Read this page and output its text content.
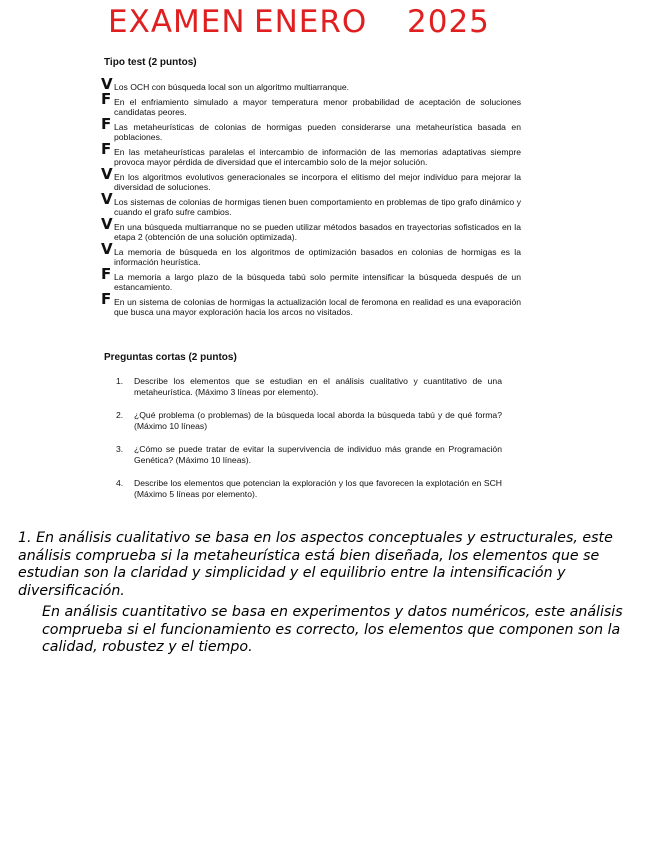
EXAMEN ENERO 2025
Tipo test (2 puntos)
V Los OCH con búsqueda local son un algoritmo multiarranque.
F En el enfriamiento simulado a mayor temperatura menor probabilidad de aceptación de soluciones candidatas peores.
F Las metaheurísticas de colonias de hormigas pueden considerarse una metaheurística basada en poblaciones.
F En las metaheurísticas paralelas el intercambio de información de las memorias adaptativas siempre provoca mayor pérdida de diversidad que el intercambio solo de la mejor solución.
V En los algoritmos evolutivos generacionales se incorpora el elitismo del mejor individuo para mejorar la diversidad de soluciones.
V Los sistemas de colonias de hormigas tienen buen comportamiento en problemas de tipo grafo dinámico y cuando el grafo sufre cambios.
V En una búsqueda multiarranque no se pueden utilizar métodos basados en trayectorias sofisticados en la etapa 2 (obtención de una solución optimizada).
V La memoria de búsqueda en los algoritmos de optimización basados en colonias de hormigas es la información heurística.
F La memoria a largo plazo de la búsqueda tabú solo permite intensificar la búsqueda después de un estancamiento.
F En un sistema de colonias de hormigas la actualización local de feromona en realidad es una evaporación que busca una mayor exploración hacia los arcos no visitados.
Preguntas cortas (2 puntos)
1. Describe los elementos que se estudian en el análisis cualitativo y cuantitativo de una metaheurística. (Máximo 3 líneas por elemento).
2. ¿Qué problema (o problemas) de la búsqueda local aborda la búsqueda tabú y de qué forma? (Máximo 10 líneas)
3. ¿Cómo se puede tratar de evitar la supervivencia de individuo más grande en Programación Genética? (Máximo 10 líneas).
4. Describe los elementos que potencian la exploración y los que favorecen la explotación en SCH (Máximo 5 líneas por elemento).

1. En análisis cualitativo se basa en los aspectos conceptuales y estructurales, este análisis comprueba si la metaheurística está bien diseñada, los elementos que se estudian son la claridad y simplicidad y el equilibrio entre la intensificación y diversificación.

En análisis cuantitativo se basa en experimentos y datos numéricos, este análisis comprueba si el funcionamiento es correcto, los elementos que componen son la calidad, robustez y el tiempo.
